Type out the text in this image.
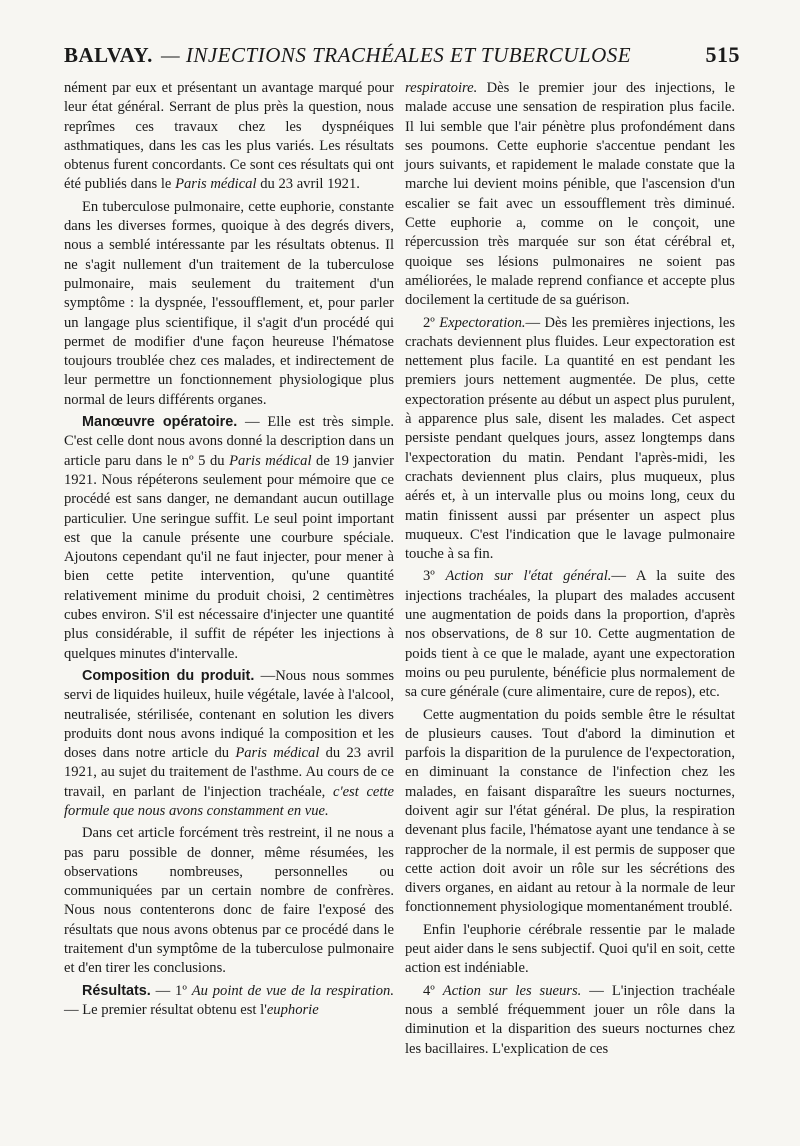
BALVAY. — INJECTIONS TRACHÉALES ET TUBERCULOSE	515

nément par eux et présentant un avantage marqué pour leur état général. Serrant de plus près la question, nous reprîmes ces travaux chez les dyspnéiques asthmatiques, dans les cas les plus variés. Les résultats obtenus furent concordants. Ce sont ces résultats qui ont été publiés dans le Paris médical du 23 avril 1921.

En tuberculose pulmonaire, cette euphorie, constante dans les diverses formes, quoique à des degrés divers, nous a semblé intéressante par les résultats obtenus. Il ne s'agit nullement d'un traitement de la tuberculose pulmonaire, mais seulement du traitement d'un symptôme : la dyspnée, l'essoufflement, et, pour parler un langage plus scientifique, il s'agit d'un procédé qui permet de modifier d'une façon heureuse l'hématose toujours troublée chez ces malades, et indirectement de leur permettre un fonctionnement physiologique plus normal de leurs différents organes.

Manœuvre opératoire. — Elle est très simple. C'est celle dont nous avons donné la description dans un article paru dans le nº 5 du Paris médical de 19 janvier 1921. Nous répéterons seulement pour mémoire que ce procédé est sans danger, ne demandant aucun outillage particulier. Une seringue suffit. Le seul point important est que la canule présente une courbure spéciale. Ajoutons cependant qu'il ne faut injecter, pour mener à bien cette petite intervention, qu'une quantité relativement minime du produit choisi, 2 centimètres cubes environ. S'il est nécessaire d'injecter une quantité plus considérable, il suffit de répéter les injections à quelques minutes d'intervalle.

Composition du produit. —Nous nous sommes servi de liquides huileux, huile végétale, lavée à l'alcool, neutralisée, stérilisée, contenant en solution les divers produits dont nous avons indiqué la composition et les doses dans notre article du Paris médical du 23 avril 1921, au sujet du traitement de l'asthme. Au cours de ce travail, en parlant de l'injection trachéale, c'est cette formule que nous avons constamment en vue.

Dans cet article forcément très restreint, il ne nous a pas paru possible de donner, même résumées, les observations nombreuses, personnelles ou communiquées par un certain nombre de confrères. Nous nous contenterons donc de faire l'exposé des résultats que nous avons obtenus par ce procédé dans le traitement d'un symptôme de la tuberculose pulmonaire et d'en tirer les conclusions.

Résultats. — 1º Au point de vue de la respiration. — Le premier résultat obtenu est l'euphorie

respiratoire. Dès le premier jour des injections, le malade accuse une sensation de respiration plus facile. Il lui semble que l'air pénètre plus profondément dans ses poumons. Cette euphorie s'accentue pendant les jours suivants, et rapidement le malade constate que la marche lui devient moins pénible, que l'ascension d'un escalier se fait avec un essoufflement très diminué. Cette euphorie a, comme on le conçoit, une répercussion très marquée sur son état cérébral et, quoique ses lésions pulmonaires ne soient pas améliorées, le malade reprend confiance et accepte plus docilement la certitude de sa guérison.

2º Expectoration.— Dès les premières injections, les crachats deviennent plus fluides. Leur expectoration est nettement plus facile. La quantité en est pendant les premiers jours nettement augmentée. De plus, cette expectoration présente au début un aspect plus purulent, à apparence plus sale, disent les malades. Cet aspect persiste pendant quelques jours, assez longtemps dans l'expectoration du matin. Pendant l'après-midi, les crachats deviennent plus clairs, plus muqueux, plus aérés et, à un intervalle plus ou moins long, ceux du matin finissent aussi par présenter un aspect plus muqueux. C'est l'indication que le lavage pulmonaire touche à sa fin.

3º Action sur l'état général.— A la suite des injections trachéales, la plupart des malades accusent une augmentation de poids dans la proportion, d'après nos observations, de 8 sur 10. Cette augmentation de poids tient à ce que le malade, ayant une expectoration moins ou peu purulente, bénéficie plus normalement de sa cure générale (cure alimentaire, cure de repos), etc.

Cette augmentation du poids semble être le résultat de plusieurs causes. Tout d'abord la diminution et parfois la disparition de la purulence de l'expectoration, en diminuant la constance de l'infection chez les malades, en faisant disparaître les sueurs nocturnes, doivent agir sur l'état général. De plus, la respiration devenant plus facile, l'hématose ayant une tendance à se rapprocher de la normale, il est permis de supposer que cette action doit avoir un rôle sur les sécrétions des divers organes, en aidant au retour à la normale de leur fonctionnement physiologique momentanément troublé.

Enfin l'euphorie cérébrale ressentie par le malade peut aider dans le sens subjectif. Quoi qu'il en soit, cette action est indéniable.

4º Action sur les sueurs. — L'injection trachéale nous a semblé fréquemment jouer un rôle dans la diminution et la disparition des sueurs nocturnes chez les bacillaires. L'explication de ces
